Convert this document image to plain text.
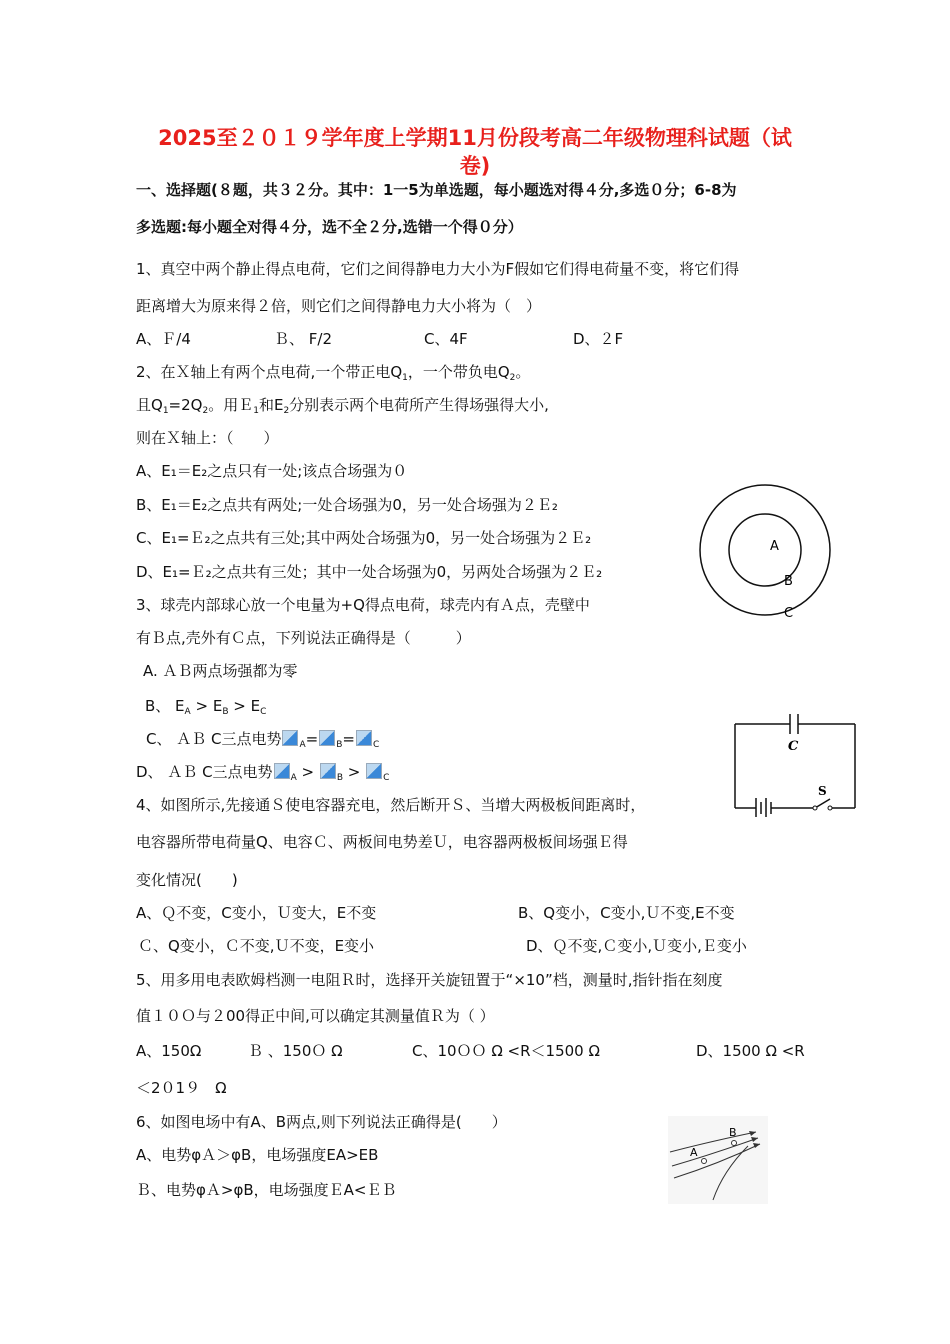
2025至２０１９学年度上学期11月份段考高二年级物理科试题（试
卷)
一、选择题(８题，共３２分。其中：1一5为单选题，每小题选对得４分,多选０分；6-8为
多选题:每小题全对得４分，选不全２分,选错一个得０分）
1、真空中两个静止得点电荷，它们之间得静电力大小为F假如它们得电荷量不变，将它们得
距离增大为原来得２倍，则它们之间得静电力大小将为（　）
A、Ｆ/4	Ｂ、 F/2	C、4F	D、２F
2、在Ｘ轴上有两个点电荷,一个带正电$Q_1$，一个带负电$Q_2$。
且$Q_1=2Q_2$。用Ｅ$_1$和$E_2$分别表示两个电荷所产生得场强得大小,
则在Ｘ轴上：（　　）
A、E₁＝E₂之点只有一处;该点合场强为０
B、E₁＝E₂之点共有两处;一处合场强为0，另一处合场强为２Ｅ₂
C、E₁=Ｅ₂之点共有三处;其中两处合场强为0，另一处合场强为２Ｅ₂
D、E₁=Ｅ₂之点共有三处；其中一处合场强为0，另两处合场强为２Ｅ₂
A
B
C
3、球壳内部球心放一个电量为+Q得点电荷，球壳内有Ａ点，壳壁中
有Ｂ点,壳外有Ｃ点，下列说法正确得是（　　　）
A. ＡＢ两点场强都为零
B、 $E_A > E_B > E_C$
C、 ＡＢ C三点电势 $_A$= $_B$= $_C$
D、 ＡＢ C三点电势 $_A$ > $_B$ > $_C$
C
S
4、如图所示,先接通Ｓ使电容器充电，然后断开Ｓ、当增大两极板间距离时，
电容器所带电荷量Q、电容Ｃ、两板间电势差Ｕ，电容器两极板间场强Ｅ得
变化情况(　　)
A、Ｑ不变，C变小，Ｕ变大，E不变	B、Q变小，C变小,Ｕ不变,E不变
Ｃ、Q变小，Ｃ不变,Ｕ不变，E变小	D、Ｑ不变,Ｃ变小,Ｕ变小,Ｅ变小
5、用多用电表欧姆档测一电阻Ｒ时，选择开关旋钮置于“×10”档，测量时,指针指在刻度
值１０Ｏ与２00得正中间,可以确定其测量值Ｒ为（ ）
A、150Ω	Ｂ 、150Ｏ Ω	C、10ＯＯ Ω <R＜1500 Ω	D、1500 Ω <R
＜2０1９　Ω
B
A
6、如图电场中有A、B两点,则下列说法正确得是(　　）
A、电势φＡ＞φB，电场强度EA>EB
Ｂ、电势φＡ>φB，电场强度ＥA<ＥＢ
